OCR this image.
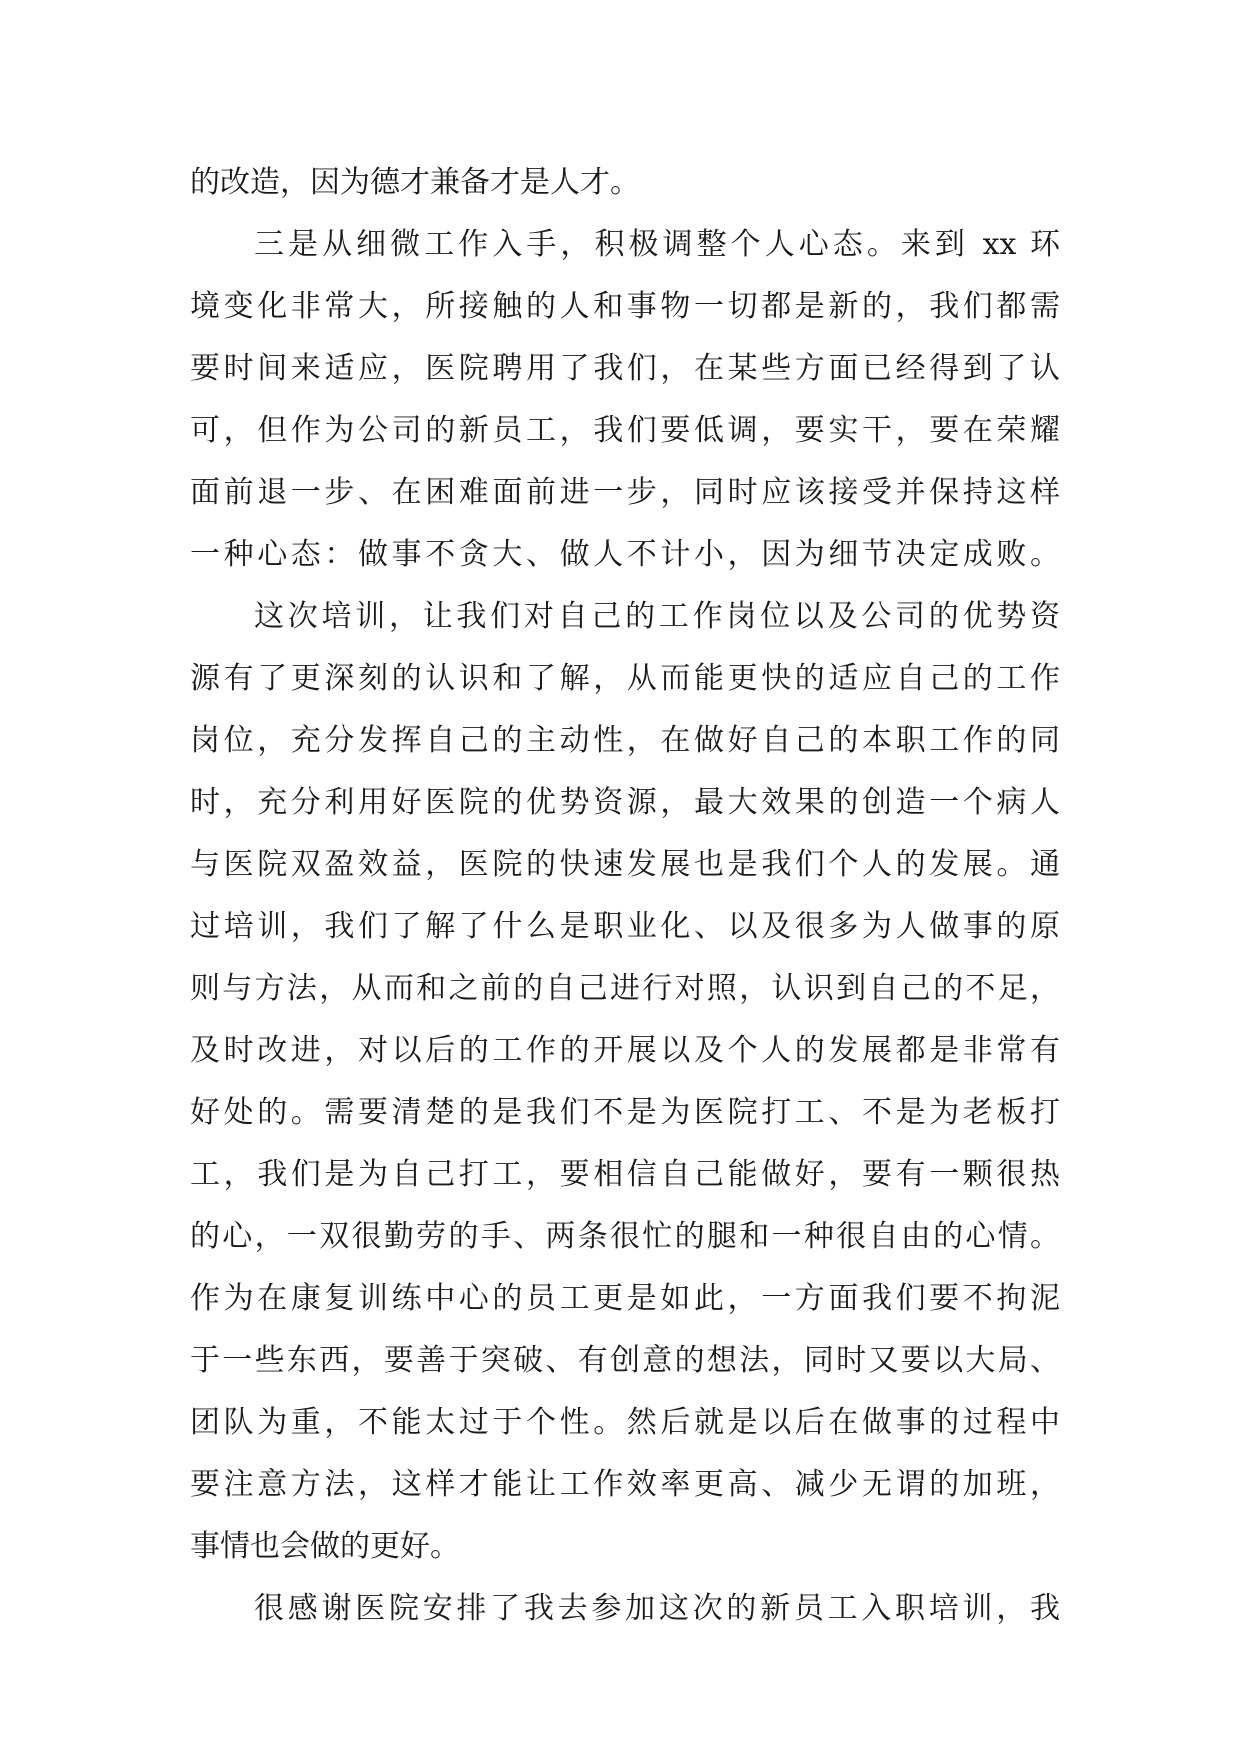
的改造，因为德才兼备才是人才。
三是从细微工作入手，积极调整个人心态。来到 xx 环
境变化非常大，所接触的人和事物一切都是新的，我们都需
要时间来适应，医院聘用了我们，在某些方面已经得到了认
可，但作为公司的新员工，我们要低调，要实干，要在荣耀
面前退一步、在困难面前进一步，同时应该接受并保持这样
一种心态：做事不贪大、做人不计小，因为细节决定成败。
这次培训，让我们对自己的工作岗位以及公司的优势资
源有了更深刻的认识和了解，从而能更快的适应自己的工作
岗位，充分发挥自己的主动性，在做好自己的本职工作的同
时，充分利用好医院的优势资源，最大效果的创造一个病人
与医院双盈效益，医院的快速发展也是我们个人的发展。通
过培训，我们了解了什么是职业化、以及很多为人做事的原
则与方法，从而和之前的自己进行对照，认识到自己的不足，
及时改进，对以后的工作的开展以及个人的发展都是非常有
好处的。需要清楚的是我们不是为医院打工、不是为老板打
工，我们是为自己打工，要相信自己能做好，要有一颗很热
的心，一双很勤劳的手、两条很忙的腿和一种很自由的心情。
作为在康复训练中心的员工更是如此，一方面我们要不拘泥
于一些东西，要善于突破、有创意的想法，同时又要以大局、
团队为重，不能太过于个性。然后就是以后在做事的过程中
要注意方法，这样才能让工作效率更高、减少无谓的加班，
事情也会做的更好。
很感谢医院安排了我去参加这次的新员工入职培训，我
